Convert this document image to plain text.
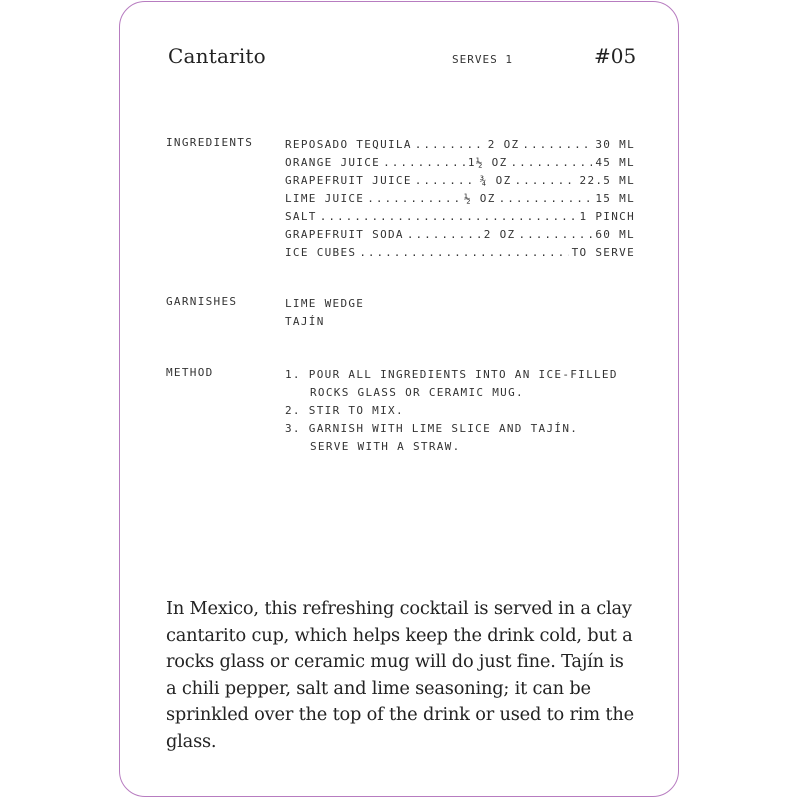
Cantarito	SERVES 1	#05
INGREDIENTS	REPOSADO TEQUILA .....	2 OZ .....	30 ML
ORANGE JUICE .....	1½ OZ .....	45 ML
GRAPEFRUIT JUICE .....	¾ OZ .....	22.5 ML
LIME JUICE .....	½ OZ .....	15 ML
SALT .....	1 PINCH
GRAPEFRUIT SODA .....	2 OZ .....	60 ML
ICE CUBES .....	TO SERVE
GARNISHES	LIME WEDGE
TAJÍN
METHOD	1. POUR ALL INGREDIENTS INTO AN ICE-FILLED
ROCKS GLASS OR CERAMIC MUG.
2. STIR TO MIX.
3. GARNISH WITH LIME SLICE AND TAJÍN.
SERVE WITH A STRAW.
In Mexico, this refreshing cocktail is served in a clay cantarito cup, which helps keep the drink cold, but a rocks glass or ceramic mug will do just fine. Tajín is a chili pepper, salt and lime seasoning; it can be sprinkled over the top of the drink or used to rim the glass.
